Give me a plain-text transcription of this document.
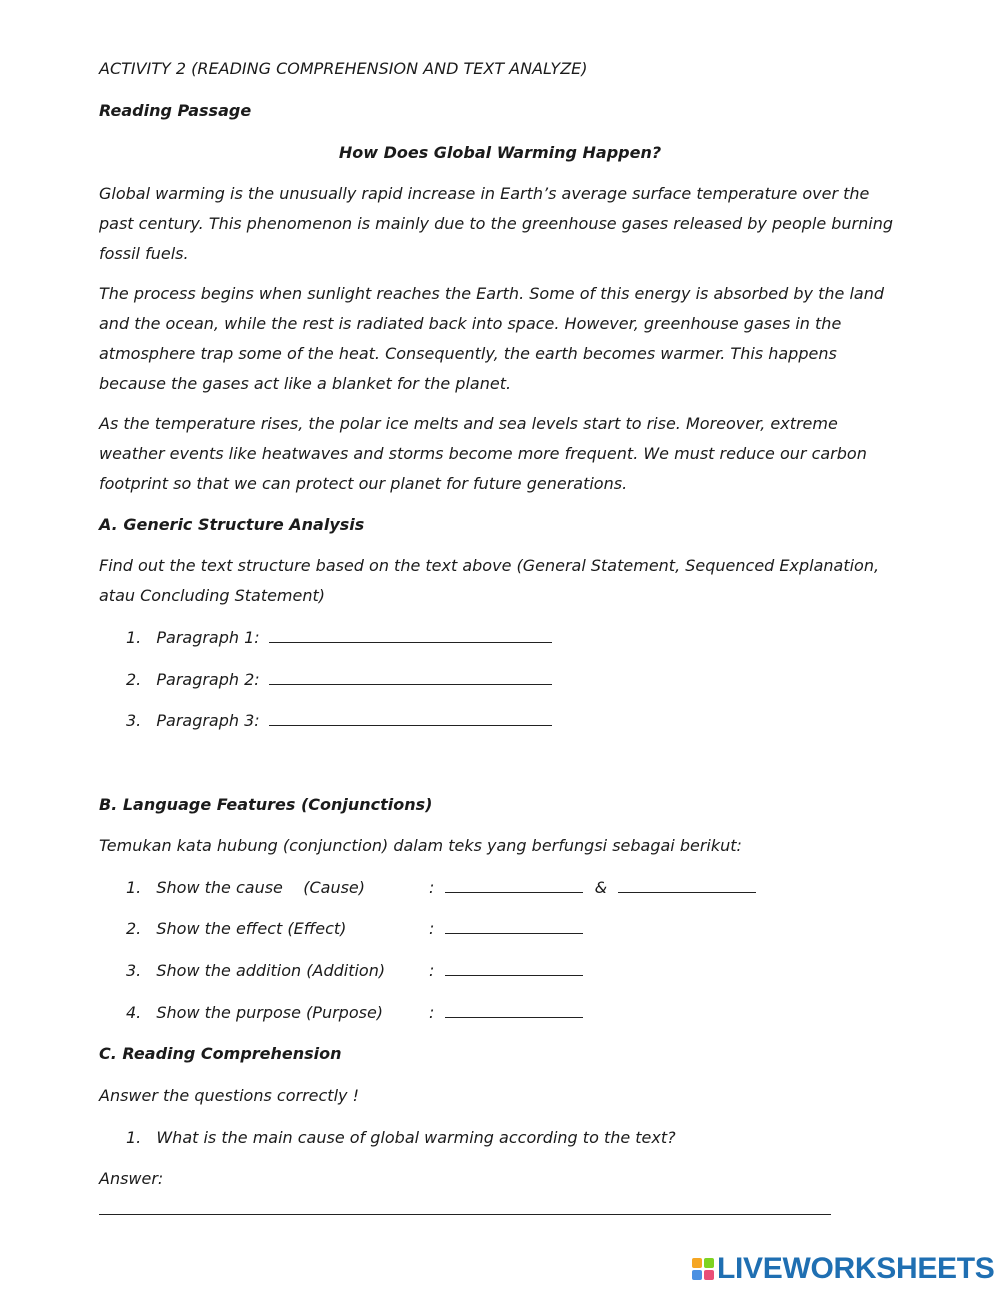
ACTIVITY 2 (READING COMPREHENSION AND TEXT ANALYZE)
Reading Passage
How Does Global Warming Happen?
Global warming is the unusually rapid increase in Earth’s average surface temperature over the
past century. This phenomenon is mainly due to the greenhouse gases released by people burning
fossil fuels.
The process begins when sunlight reaches the Earth. Some of this energy is absorbed by the land
and the ocean, while the rest is radiated back into space. However, greenhouse gases in the
atmosphere trap some of the heat. Consequently, the earth becomes warmer. This happens
because the gases act like a blanket for the planet.
As the temperature rises, the polar ice melts and sea levels start to rise. Moreover, extreme
weather events like heatwaves and storms become more frequent. We must reduce our carbon
footprint so that we can protect our planet for future generations.
A. Generic Structure Analysis
Find out the text structure based on the text above (General Statement, Sequenced Explanation,
atau Concluding Statement)
1. Paragraph 1:
2. Paragraph 2:
3. Paragraph 3:
B. Language Features (Conjunctions)
Temukan kata hubung (conjunction) dalam teks yang berfungsi sebagai berikut:
1. Show the cause    (Cause)	:	&
2. Show the effect (Effect)	:
3. Show the addition (Addition)	:
4. Show the purpose (Purpose)	:
C. Reading Comprehension
Answer the questions correctly !
1. What is the main cause of global warming according to the text?
Answer:
LIVEWORKSHEETS
